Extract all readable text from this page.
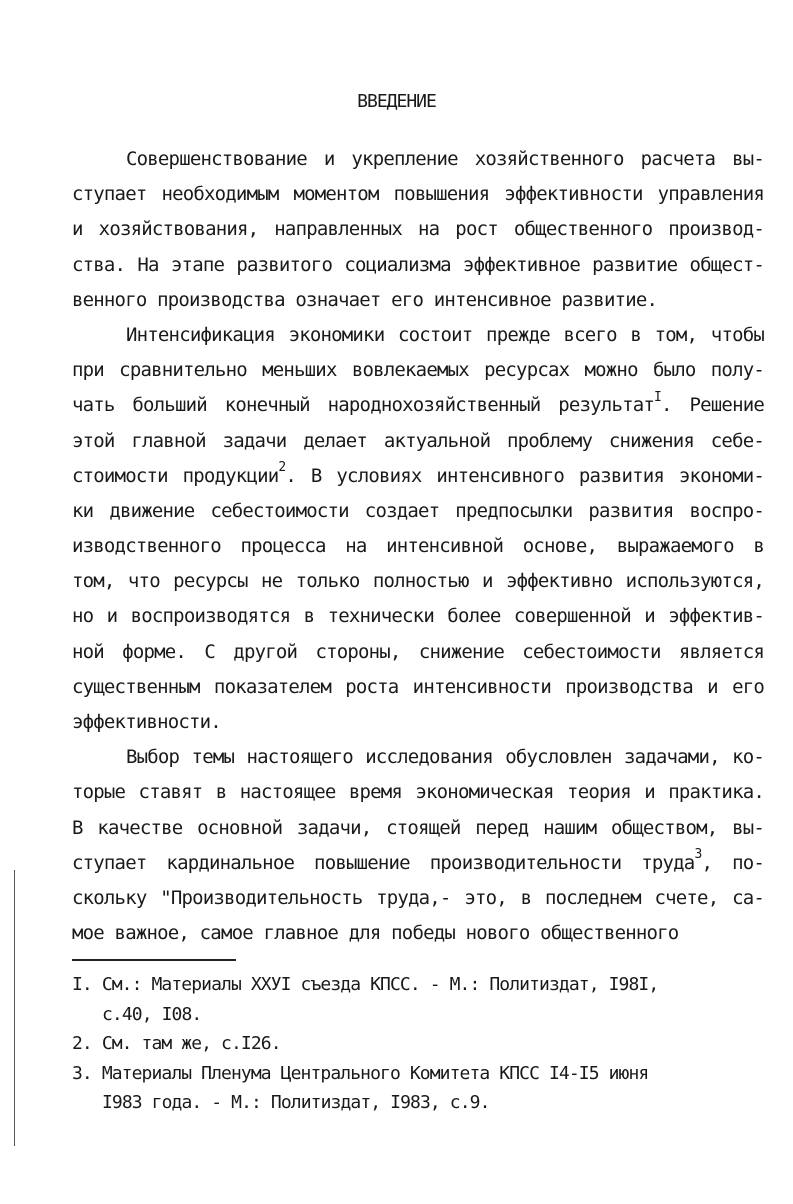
ВВЕДЕНИЕ
Совершенствование и укрепление хозяйственного расчета вы-
ступает необходимым моментом повышения эффективности управления
и хозяйствования, направленных на рост общественного производ-
ства. На этапе развитого социализма эффективное развитие общест-
венного производства означает его интенсивное развитие.
Интенсификация экономики состоит прежде всего в том, чтобы
при сравнительно меньших вовлекаемых ресурсах можно было полу-
чать больший конечный народнохозяйственный результат$^I$. Решение
этой главной задачи делает актуальной проблему снижения себе-
стоимости продукции$^2$. В условиях интенсивного развития экономи-
ки движение себестоимости создает предпосылки развития воспро-
изводственного процесса на интенсивной основе, выражаемого в
том, что ресурсы не только полностью и эффективно используются,
но и воспроизводятся в технически более совершенной и эффектив-
ной форме. С другой стороны, снижение себестоимости является
существенным показателем роста интенсивности производства и его
эффективности.
Выбор темы настоящего исследования обусловлен задачами, ко-
торые ставят в настоящее время экономическая теория и практика.
В качестве основной задачи, стоящей перед нашим обществом, вы-
ступает кардинальное повышение производительности труда$^3$, по-
скольку "Производительность труда,- это, в последнем счете, са-
мое важное, самое главное для победы нового общественного
I. См.: Материалы ХХУI съезда КПСС. - М.: Политиздат, I98I,
с.40, I08.
2. См. там же, с.I26.
3. Материалы Пленума Центрального Комитета КПСС I4-I5 июня
I983 года. - М.: Политиздат, I983, с.9.
